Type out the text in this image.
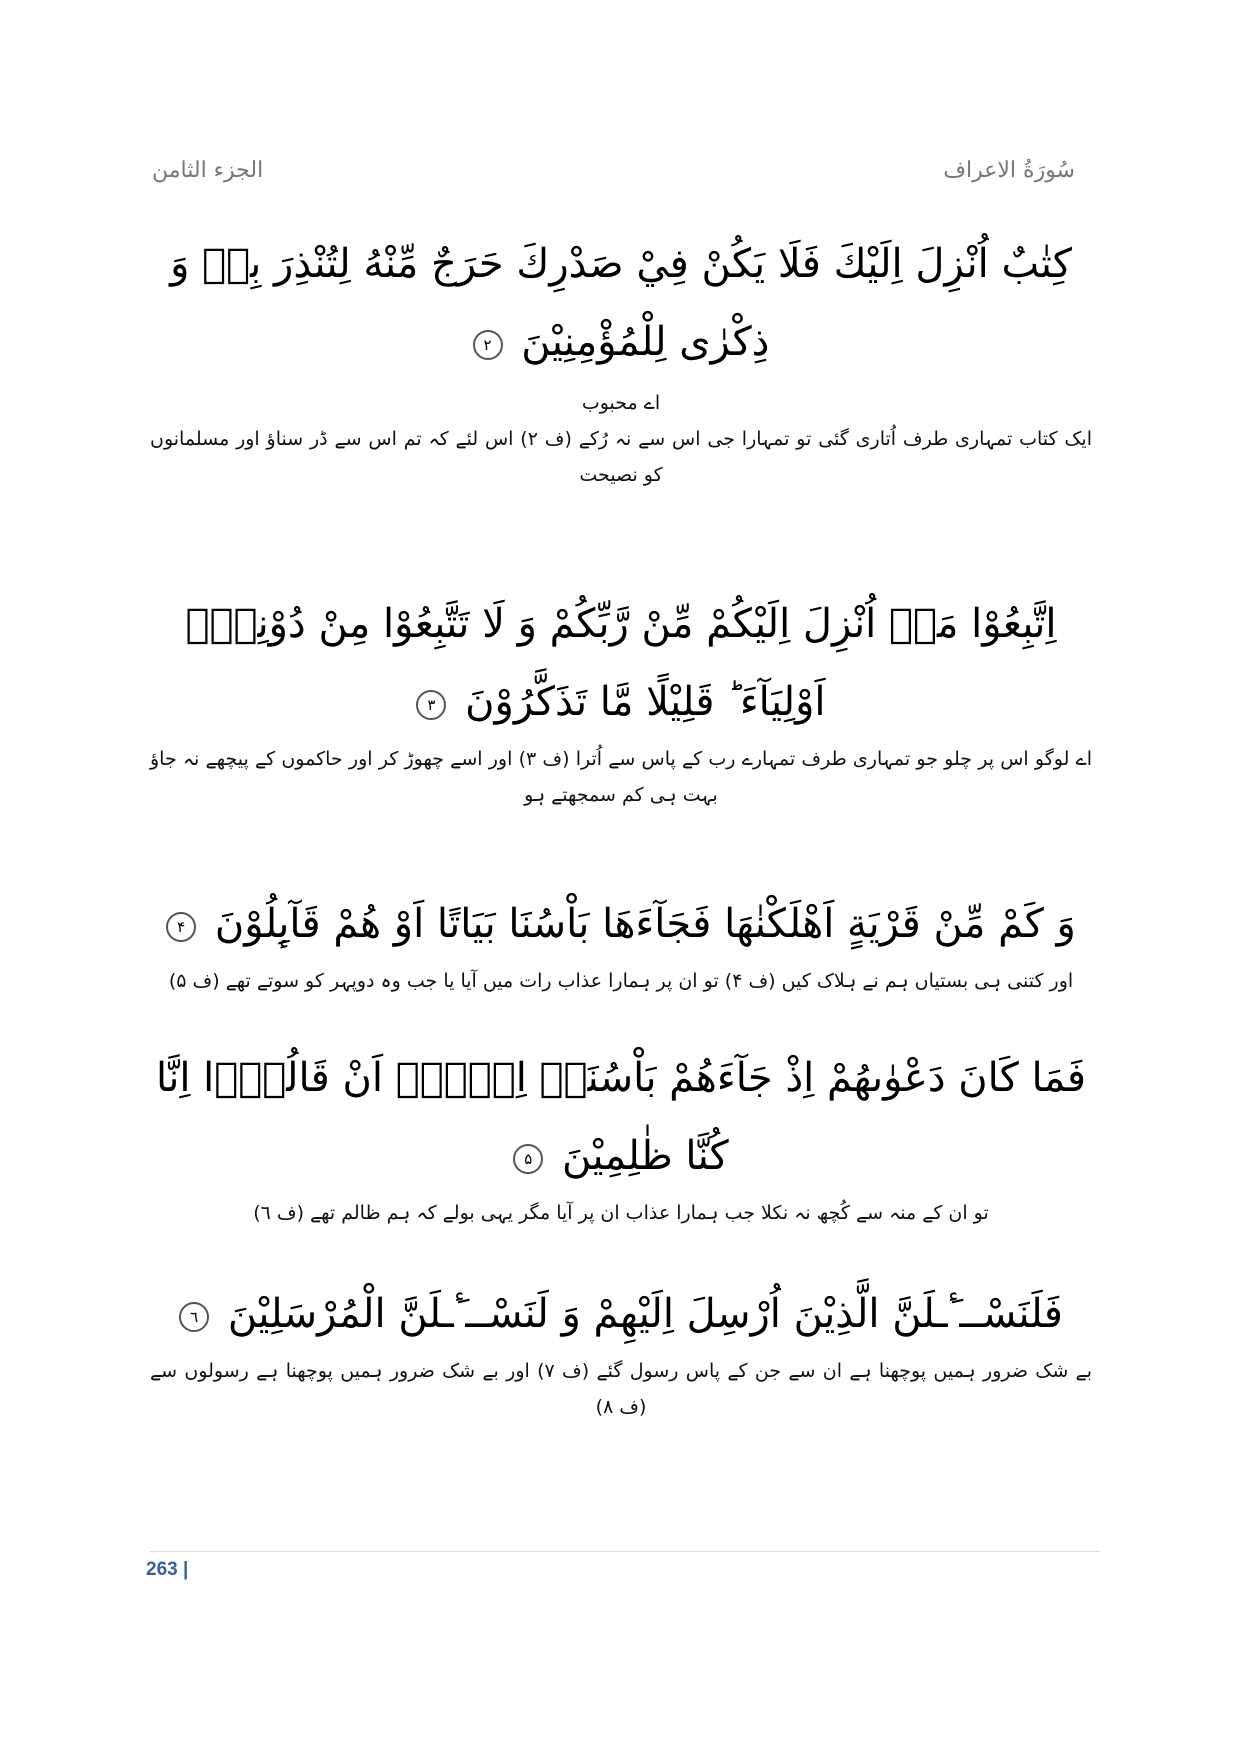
سُورَةُ الاعراف
الجزء الثامن
كِتٰبٌ اُنْزِلَ اِلَيْكَ فَلَا يَكُنْ فِيْ صَدْرِكَ حَرَجٌ مِّنْهُ لِتُنْذِرَ بِهٖ وَ ذِكْرٰى لِلْمُؤْمِنِيْنَ ۲
اے محبوب
ایک کتاب تمہاری طرف اُتاری گئی تو تمہارا جی اس سے نہ رُکے (ف ۲) اس لئے کہ تم اس سے ڈر سناؤ اور مسلمانوں کو نصیحت
اِتَّبِعُوْا مَاۤ اُنْزِلَ اِلَيْكُمْ مِّنْ رَّبِّكُمْ وَ لَا تَتَّبِعُوْا مِنْ دُوْنِهٖۤ اَوْلِيَآءَ ؕ قَلِيْلًا مَّا تَذَكَّرُوْنَ ۳
اے لوگو اس پر چلو جو تمہاری طرف تمہارے رب کے پاس سے اُترا (ف ۳) اور اسے چھوڑ کر اور حاکموں کے پیچھے نہ جاؤ بہت ہی کم سمجھتے ہو
وَ كَمْ مِّنْ قَرْيَةٍ اَهْلَكْنٰهَا فَجَآءَهَا بَاْسُنَا بَيَاتًا اَوْ هُمْ قَآىِٕلُوْنَ ۴
اور کتنی ہی بستیاں ہم نے ہلاک کیں (ف ۴) تو ان پر ہمارا عذاب رات میں آیا یا جب وہ دوپہر کو سوتے تھے (ف ۵)
فَمَا كَانَ دَعْوٰىهُمْ اِذْ جَآءَهُمْ بَاْسُنَاۤ اِلَّاۤ اَنْ قَالُوْۤا اِنَّا كُنَّا ظٰلِمِيْنَ ۵
تو ان کے منہ سے کُچھ نہ نکلا جب ہمارا عذاب ان پر آیا مگر یہی بولے کہ ہم ظالم تھے (ف ٦)
فَلَنَسْــٴَـلَنَّ الَّذِيْنَ اُرْسِلَ اِلَيْهِمْ وَ لَنَسْــٴَـلَنَّ الْمُرْسَلِيْنَ ٦
بے شک ضرور ہمیں پوچھنا ہے ان سے جن کے پاس رسول گئے (ف ۷) اور بے شک ضرور ہمیں پوچھنا ہے رسولوں سے (ف ۸)
263 |
